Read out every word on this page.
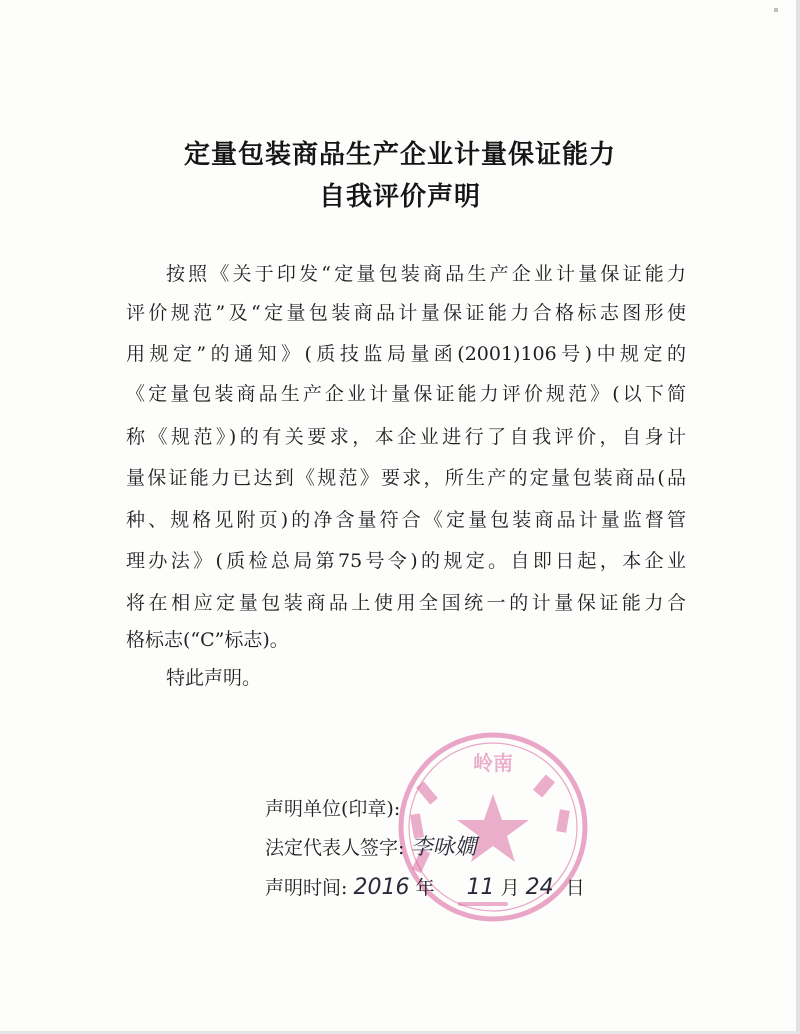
定量包装商品生产企业计量保证能力
自我评价声明
按照《关于印发“定量包装商品生产企业计量保证能力
评价规范”及“定量包装商品计量保证能力合格标志图形使
用规定”的通知》(质技监局量函(2001)106号)中规定的
《定量包装商品生产企业计量保证能力评价规范》(以下简
称《规范》)的有关要求，本企业进行了自我评价，自身计
量保证能力已达到《规范》要求，所生产的定量包装商品(品
种、规格见附页)的净含量符合《定量包装商品计量监督管
理办法》(质检总局第75号令)的规定。自即日起，本企业
将在相应定量包装商品上使用全国统一的计量保证能力合
格标志(“C”标志)。
特此声明。
岭南
声明单位(印章):
法定代表人签字: 李咏嫺
声明时间: 2016 年 11 月 24 日
